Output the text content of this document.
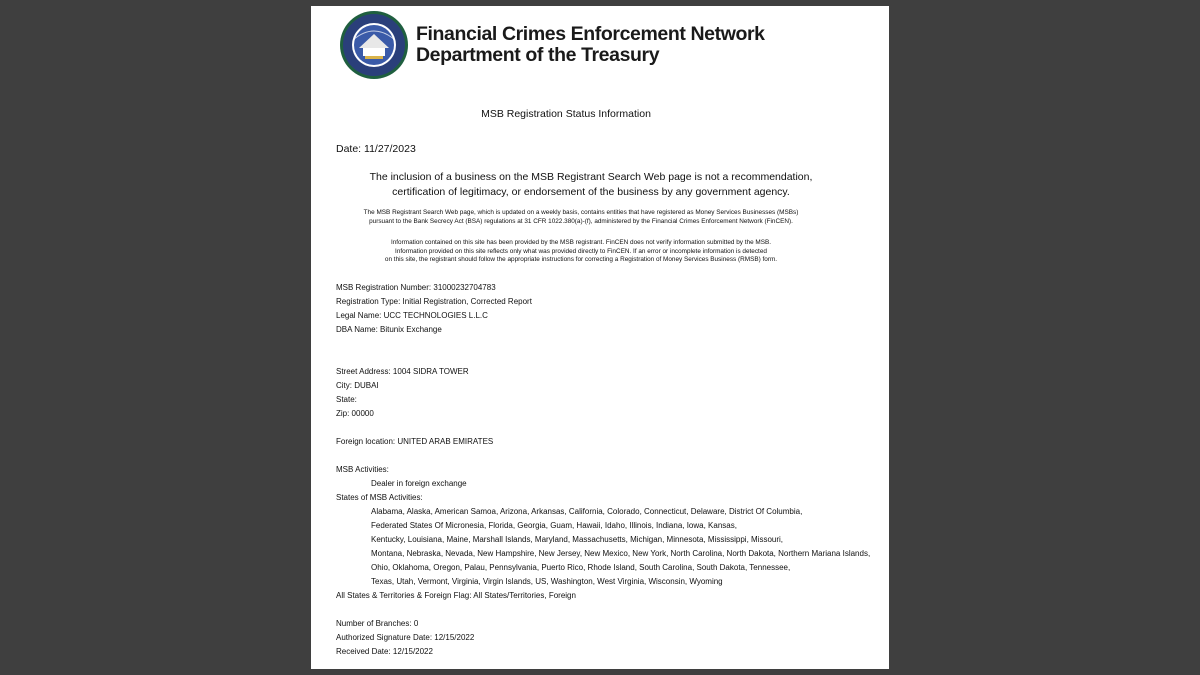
Financial Crimes Enforcement Network
Department of the Treasury
MSB Registration Status Information
Date: 11/27/2023
The inclusion of a business on the MSB Registrant Search Web page is not a recommendation,
certification of legitimacy, or endorsement of the business by any government agency.
The MSB Registrant Search Web page, which is updated on a weekly basis, contains entities that have registered as Money Services Businesses (MSBs)
pursuant to the Bank Secrecy Act (BSA) regulations at 31 CFR 1022.380(a)-(f), administered by the Financial Crimes Enforcement Network (FinCEN).
Information contained on this site has been provided by the MSB registrant. FinCEN does not verify information submitted by the MSB.
Information provided on this site reflects only what was provided directly to FinCEN. If an error or incomplete information is detected
on this site, the registrant should follow the appropriate instructions for correcting a Registration of Money Services Business (RMSB) form.
MSB Registration Number: 31000232704783
Registration Type: Initial Registration, Corrected Report
Legal Name: UCC TECHNOLOGIES L.L.C
DBA Name: Bitunix Exchange
Street Address: 1004 SIDRA TOWER
City: DUBAI
State:
Zip: 00000
Foreign location: UNITED ARAB EMIRATES
MSB Activities:
Dealer in foreign exchange
States of MSB Activities:
Alabama, Alaska, American Samoa, Arizona, Arkansas, California, Colorado, Connecticut, Delaware, District Of Columbia,
Federated States Of Micronesia, Florida, Georgia, Guam, Hawaii, Idaho, Illinois, Indiana, Iowa, Kansas,
Kentucky, Louisiana, Maine, Marshall Islands, Maryland, Massachusetts, Michigan, Minnesota, Mississippi, Missouri,
Montana, Nebraska, Nevada, New Hampshire, New Jersey, New Mexico, New York, North Carolina, North Dakota, Northern Mariana Islands,
Ohio, Oklahoma, Oregon, Palau, Pennsylvania, Puerto Rico, Rhode Island, South Carolina, South Dakota, Tennessee,
Texas, Utah, Vermont, Virginia, Virgin Islands, US, Washington, West Virginia, Wisconsin, Wyoming
All States & Territories & Foreign Flag: All States/Territories, Foreign
Number of Branches: 0
Authorized Signature Date: 12/15/2022
Received Date: 12/15/2022
